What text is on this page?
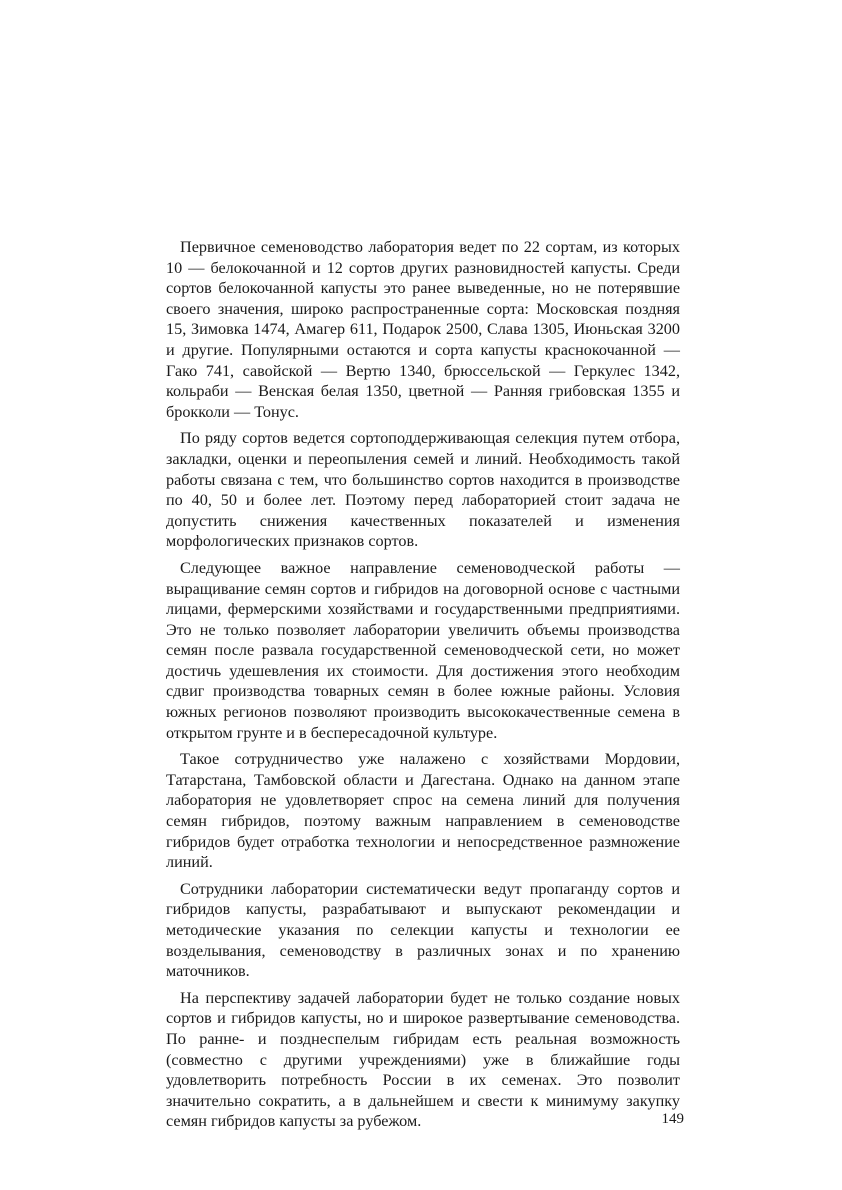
Первичное семеноводство лаборатория ведет по 22 сортам, из которых 10 — белокочанной и 12 сортов других разновидностей капусты. Среди сортов белокочанной капусты это ранее выведенные, но не потерявшие своего значения, широко распространенные сорта: Московская поздняя 15, Зимовка 1474, Амагер 611, Подарок 2500, Слава 1305, Июньская 3200 и другие. Популярными остаются и сорта капусты краснокочанной — Гако 741, савойской — Вертю 1340, брюссельской — Геркулес 1342, кольраби — Венская белая 1350, цветной — Ранняя грибовская 1355 и брокколи — Тонус.

По ряду сортов ведется сортоподдерживающая селекция путем отбора, закладки, оценки и переопыления семей и линий. Необходимость такой работы связана с тем, что большинство сортов находится в производстве по 40, 50 и более лет. Поэтому перед лабораторией стоит задача не допустить снижения качественных показателей и изменения морфологических признаков сортов.

Следующее важное направление семеноводческой работы — выращивание семян сортов и гибридов на договорной основе с частными лицами, фермерскими хозяйствами и государственными предприятиями. Это не только позволяет лаборатории увеличить объемы производства семян после развала государственной семеноводческой сети, но может достичь удешевления их стоимости. Для достижения этого необходим сдвиг производства товарных семян в более южные районы. Условия южных регионов позволяют производить высококачественные семена в открытом грунте и в беспересадочной культуре.

Такое сотрудничество уже налажено с хозяйствами Мордовии, Татарстана, Тамбовской области и Дагестана. Однако на данном этапе лаборатория не удовлетворяет спрос на семена линий для получения семян гибридов, поэтому важным направлением в семеноводстве гибридов будет отработка технологии и непосредственное размножение линий.

Сотрудники лаборатории систематически ведут пропаганду сортов и гибридов капусты, разрабатывают и выпускают рекомендации и методические указания по селекции капусты и технологии ее возделывания, семеноводству в различных зонах и по хранению маточников.

На перспективу задачей лаборатории будет не только создание новых сортов и гибридов капусты, но и широкое развертывание семеноводства. По ранне- и позднеспелым гибридам есть реальная возможность (совместно с другими учреждениями) уже в ближайшие годы удовлетворить потребность России в их семенах. Это позволит значительно сократить, а в дальнейшем и свести к минимуму закупку семян гибридов капусты за рубежом.	149
